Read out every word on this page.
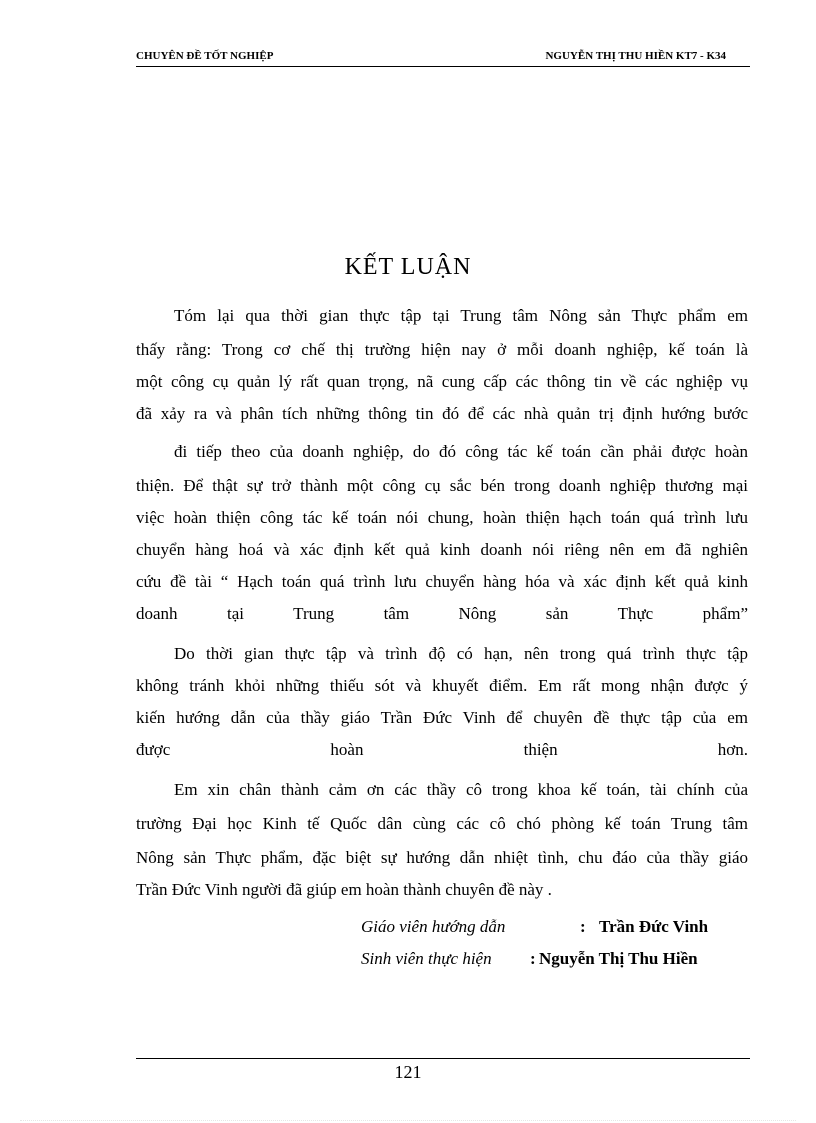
CHUYÊN ĐỀ TỐT NGHIỆP	NGUYỄN THỊ THU HIỀN KT7 - K34
KẾT LUẬN
Tóm lại qua thời gian thực tập tại Trung tâm Nông sản Thực phẩm em
thấy rằng: Trong cơ chế thị trường hiện nay ở mỗi doanh nghiệp, kế toán là
một công cụ quản lý rất quan trọng, nã cung cấp các thông tin về các nghiệp vụ
đã xảy ra và phân tích những thông tin đó để các nhà quản trị định hướng bước
đi tiếp theo của doanh nghiệp, do đó công tác kế toán cần phải được hoàn
thiện. Để thật sự trở thành một công cụ sắc bén trong doanh nghiệp thương mại
việc hoàn thiện công tác kế toán nói chung, hoàn thiện hạch toán quá trình lưu
chuyển hàng hoá và xác định kết quả kinh doanh nói riêng nên em đã nghiên
cứu đề tài “ Hạch toán quá trình lưu chuyển hàng hóa và xác định kết quả kinh
doanh tại Trung tâm Nông sản Thực phẩm”
Do thời gian thực tập và trình độ có hạn, nên trong quá trình thực tập
không tránh khỏi những thiếu sót và khuyết điểm. Em rất mong nhận được ý
kiến hướng dẫn của thầy giáo Trần Đức Vinh để chuyên đề thực tập của em
được hoàn thiện hơn.
Em xin chân thành cảm ơn các thầy cô trong khoa kế toán, tài chính của
trường Đại học Kinh tế Quốc dân cùng các cô chó phòng kế toán Trung tâm
Nông sản Thực phẩm, đặc biệt sự hướng dẫn nhiệt tình, chu đáo của thầy giáo
Trần Đức Vinh người đã giúp em hoàn thành chuyên đề này .
Giáo viên hướng dẫn	: Trần Đức Vinh
Sinh viên thực hiện : Nguyễn Thị Thu Hiền
121
